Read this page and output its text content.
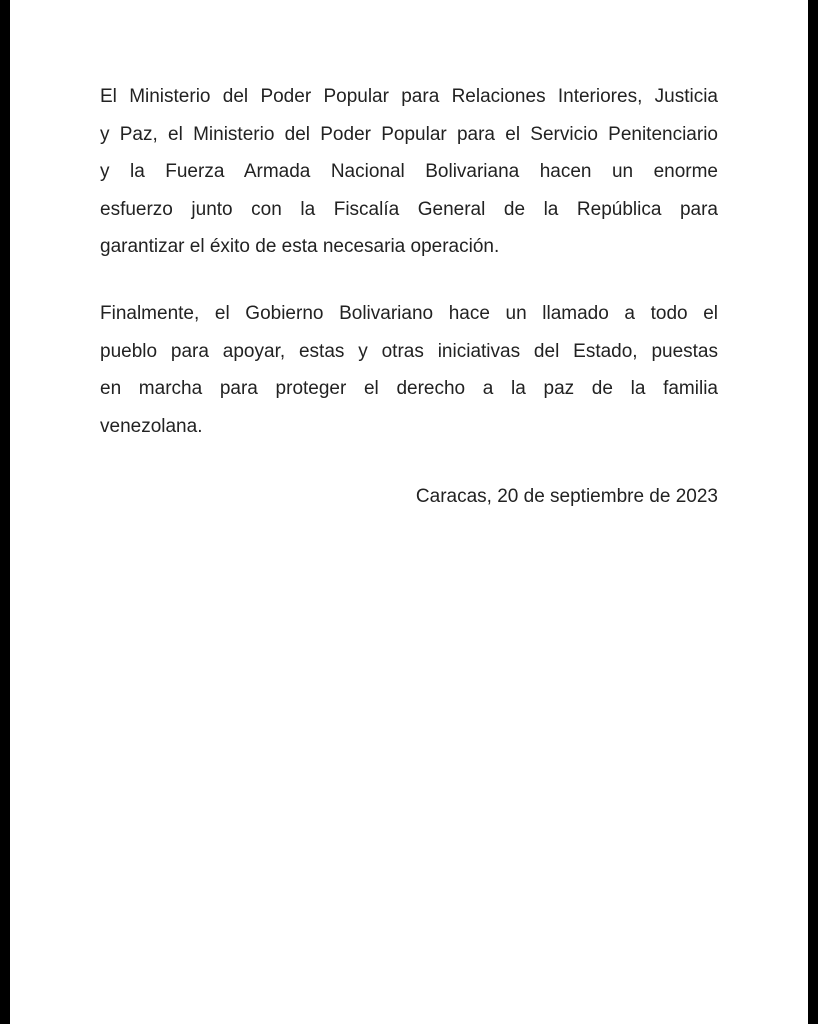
El Ministerio del Poder Popular para Relaciones Interiores, Justicia
y Paz, el Ministerio del Poder Popular para el Servicio Penitenciario
y la Fuerza Armada Nacional Bolivariana hacen un enorme
esfuerzo junto con la Fiscalía General de la República para
garantizar el éxito de esta necesaria operación.
Finalmente, el Gobierno Bolivariano hace un llamado a todo el
pueblo para apoyar, estas y otras iniciativas del Estado, puestas
en marcha para proteger el derecho a la paz de la familia
venezolana.

Caracas, 20 de septiembre de 2023
